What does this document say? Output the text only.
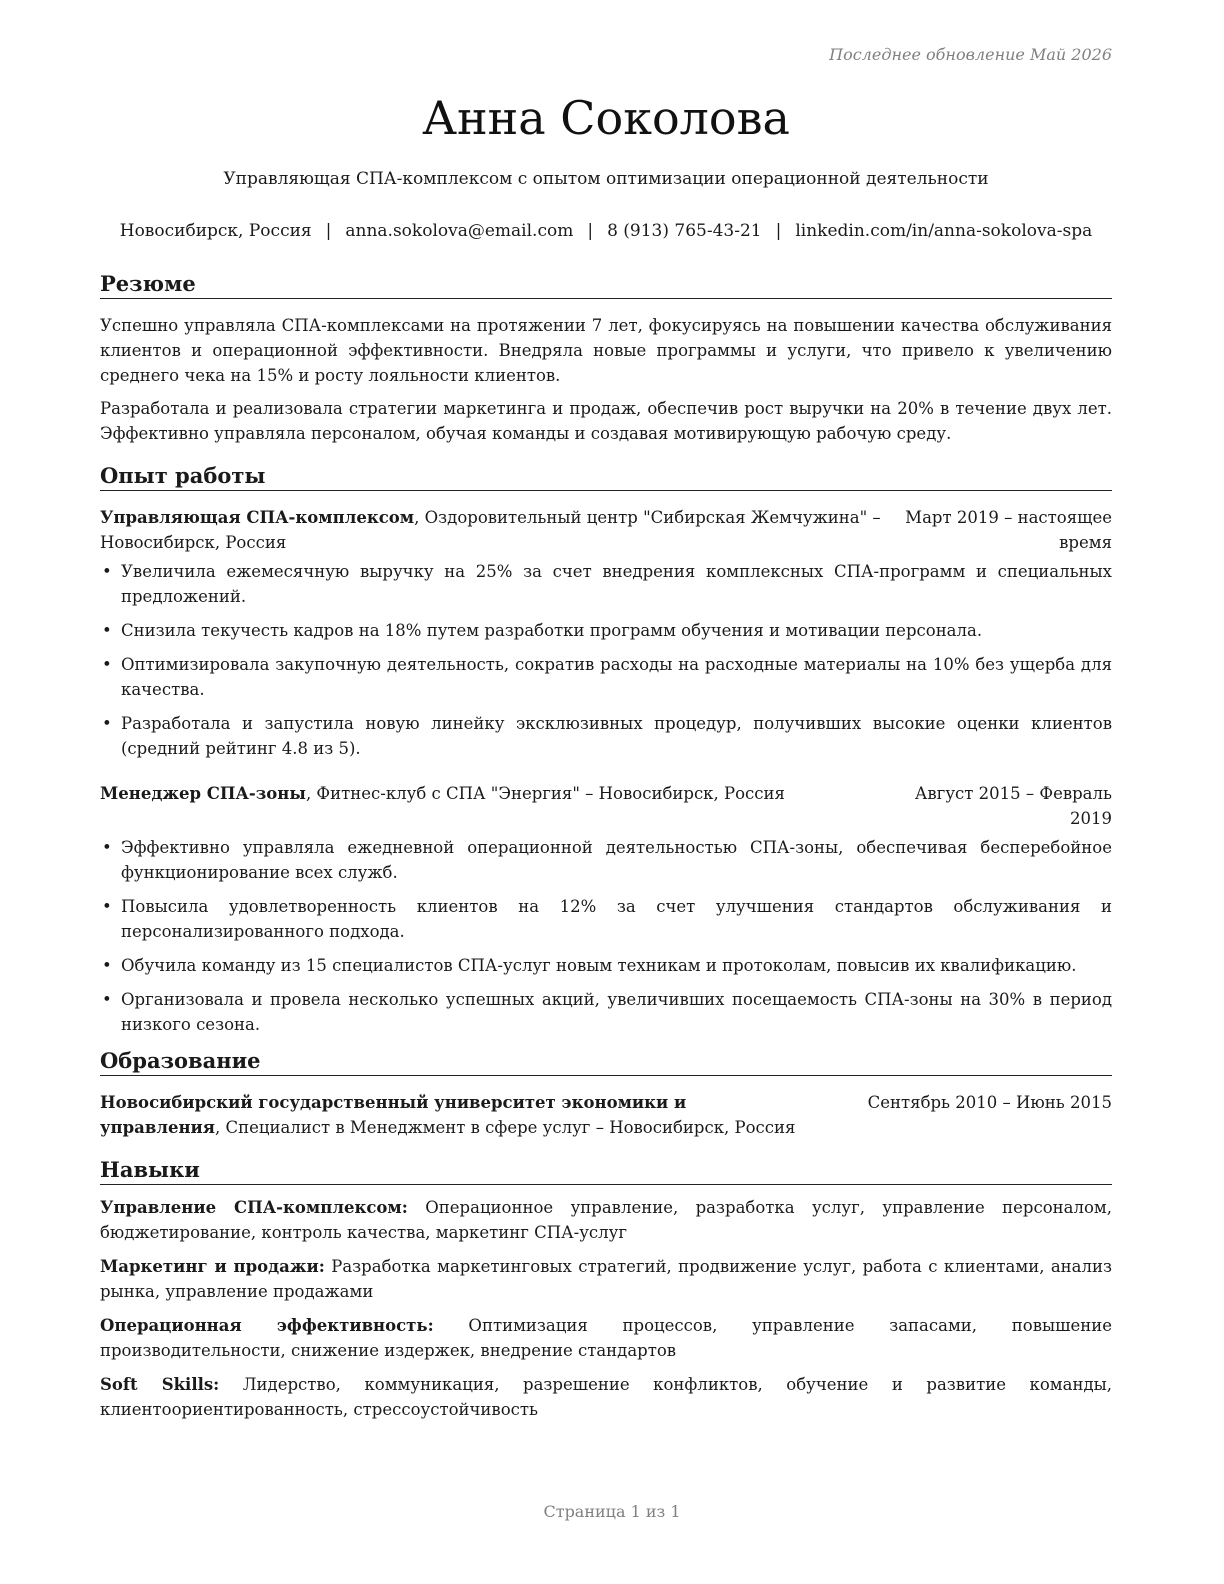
Последнее обновление Май 2026
Анна Соколова
Управляющая СПА-комплексом с опытом оптимизации операционной деятельности
Новосибирск, Россия | anna.sokolova@email.com | 8 (913) 765-43-21 | linkedin.com/in/anna-sokolova-spa
Резюме

Успешно управляла СПА-комплексами на протяжении 7 лет, фокусируясь на повышении качества обслуживания клиентов и операционной эффективности. Внедряла новые программы и услуги, что привело к увеличению среднего чека на 15% и росту лояльности клиентов.

Разработала и реализовала стратегии маркетинга и продаж, обеспечив рост выручки на 20% в течение двух лет. Эффективно управляла персоналом, обучая команды и создавая мотивирующую рабочую среду.

Опыт работы
Управляющая СПА-комплексом, Оздоровительный центр "Сибирская Жемчужина" – Новосибирск, Россия
Март 2019 – настоящее время
• Увеличила ежемесячную выручку на 25% за счет внедрения комплексных СПА-программ и специальных предложений.
• Снизила текучесть кадров на 18% путем разработки программ обучения и мотивации персонала.
• Оптимизировала закупочную деятельность, сократив расходы на расходные материалы на 10% без ущерба для качества.
• Разработала и запустила новую линейку эксклюзивных процедур, получивших высокие оценки клиентов (средний рейтинг 4.8 из 5).
Менеджер СПА-зоны, Фитнес-клуб с СПА "Энергия" – Новосибирск, Россия	Август 2015 – Февраль 2019
• Эффективно управляла ежедневной операционной деятельностью СПА-зоны, обеспечивая бесперебойное функционирование всех служб.
• Повысила удовлетворенность клиентов на 12% за счет улучшения стандартов обслуживания и персонализированного подхода.
• Обучила команду из 15 специалистов СПА-услуг новым техникам и протоколам, повысив их квалификацию.
• Организовала и провела несколько успешных акций, увеличивших посещаемость СПА-зоны на 30% в период низкого сезона.
Образование
Новосибирский государственный университет экономики и управления, Специалист в Менеджмент в сфере услуг – Новосибирск, Россия
Сентябрь 2010 – Июнь 2015
Навыки
Управление СПА-комплексом: Операционное управление, разработка услуг, управление персоналом, бюджетирование, контроль качества, маркетинг СПА-услуг
Маркетинг и продажи: Разработка маркетинговых стратегий, продвижение услуг, работа с клиентами, анализ рынка, управление продажами
Операционная эффективность: Оптимизация процессов, управление запасами, повышение производительности, снижение издержек, внедрение стандартов
Soft Skills: Лидерство, коммуникация, разрешение конфликтов, обучение и развитие команды, клиентоориентированность, стрессоустойчивость
Страница 1 из 1
